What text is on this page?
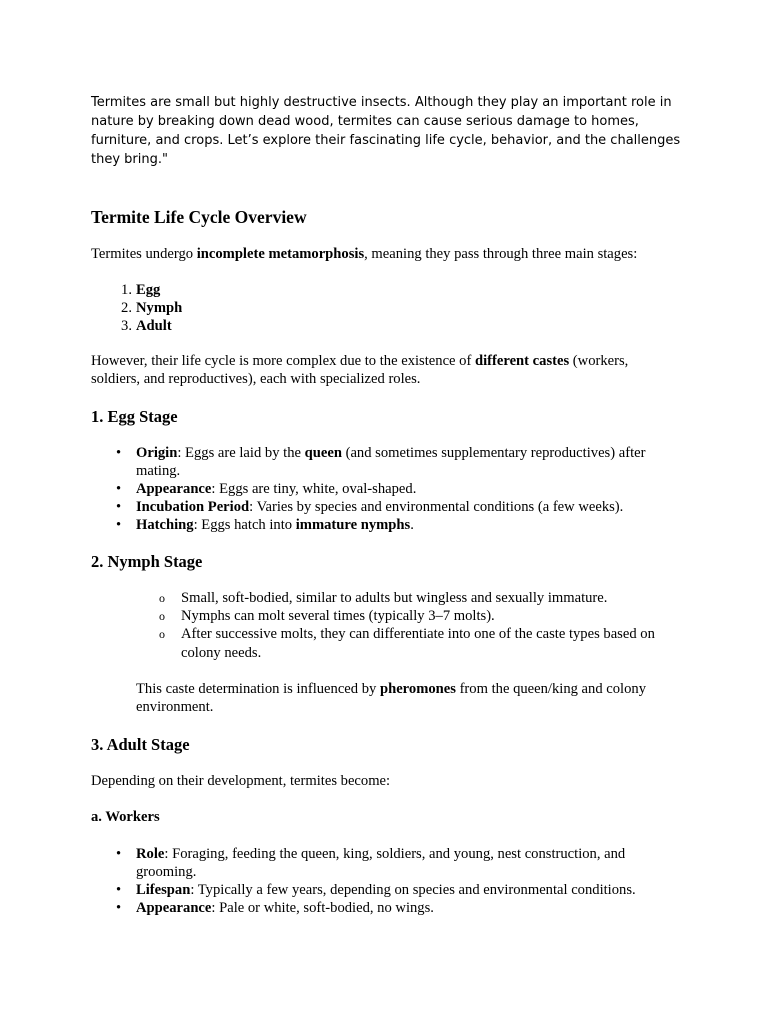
Termites are small but highly destructive insects. Although they play an important role in nature by breaking down dead wood, termites can cause serious damage to homes, furniture, and crops. Let’s explore their fascinating life cycle, behavior, and the challenges they bring."

Termite Life Cycle Overview

Termites undergo incomplete metamorphosis, meaning they pass through three main stages:

1. Egg
2. Nymph
3. Adult

However, their life cycle is more complex due to the existence of different castes (workers, soldiers, and reproductives), each with specialized roles.

1. Egg Stage
• Origin: Eggs are laid by the queen (and sometimes supplementary reproductives) after mating.
• Appearance: Eggs are tiny, white, oval-shaped.
• Incubation Period: Varies by species and environmental conditions (a few weeks).
• Hatching: Eggs hatch into immature nymphs.
2. Nymph Stage
o Small, soft-bodied, similar to adults but wingless and sexually immature.
o Nymphs can molt several times (typically 3–7 molts).
o After successive molts, they can differentiate into one of the caste types based on colony needs.

This caste determination is influenced by pheromones from the queen/king and colony environment.

3. Adult Stage

Depending on their development, termites become:

a. Workers

• Role: Foraging, feeding the queen, king, soldiers, and young, nest construction, and grooming.
• Lifespan: Typically a few years, depending on species and environmental conditions.
• Appearance: Pale or white, soft-bodied, no wings.
